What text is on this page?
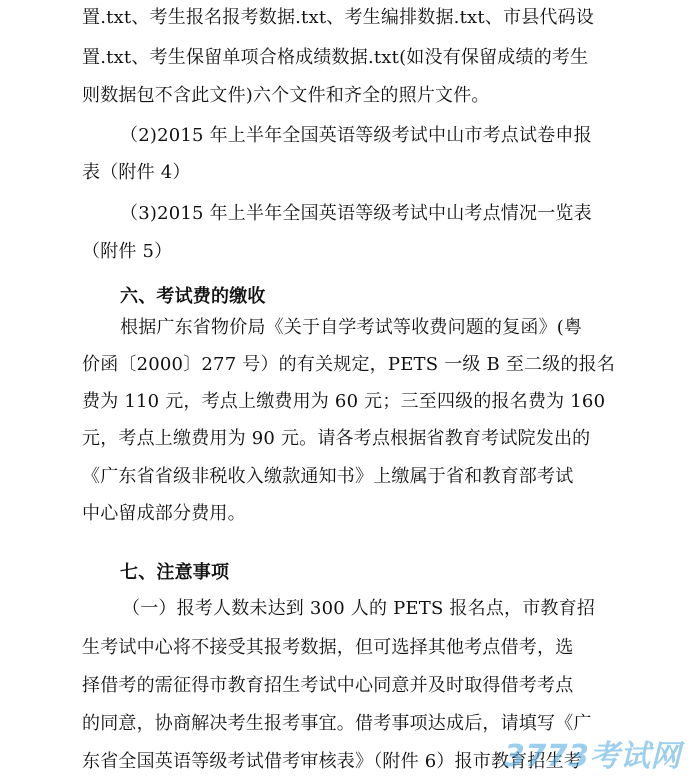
置.txt、考生报名报考数据.txt、考生编排数据.txt、市县代码设
置.txt、考生保留单项合格成绩数据.txt(如没有保留成绩的考生
则数据包不含此文件)六个文件和齐全的照片文件。
（2)2015 年上半年全国英语等级考试中山市考点试卷申报
表（附件 4）
（3)2015 年上半年全国英语等级考试中山考点情况一览表
（附件 5）
六、考试费的缴收
根据广东省物价局《关于自学考试等收费问题的复函》(粤
价函〔2000〕277 号）的有关规定，PETS 一级 B 至二级的报名
费为 110 元，考点上缴费用为 60 元；三至四级的报名费为 160
元，考点上缴费用为 90 元。请各考点根据省教育考试院发出的
《广东省省级非税收入缴款通知书》上缴属于省和教育部考试
中心留成部分费用。
七、注意事项
（一）报考人数未达到 300 人的 PETS 报名点，市教育招
生考试中心将不接受其报考数据，但可选择其他考点借考，选
择借考的需征得市教育招生考试中心同意并及时取得借考考点
的同意，协商解决考生报考事宜。借考事项达成后，请填写《广
东省全国英语等级考试借考审核表》（附件 6）报市教育招生考
3773考试网
